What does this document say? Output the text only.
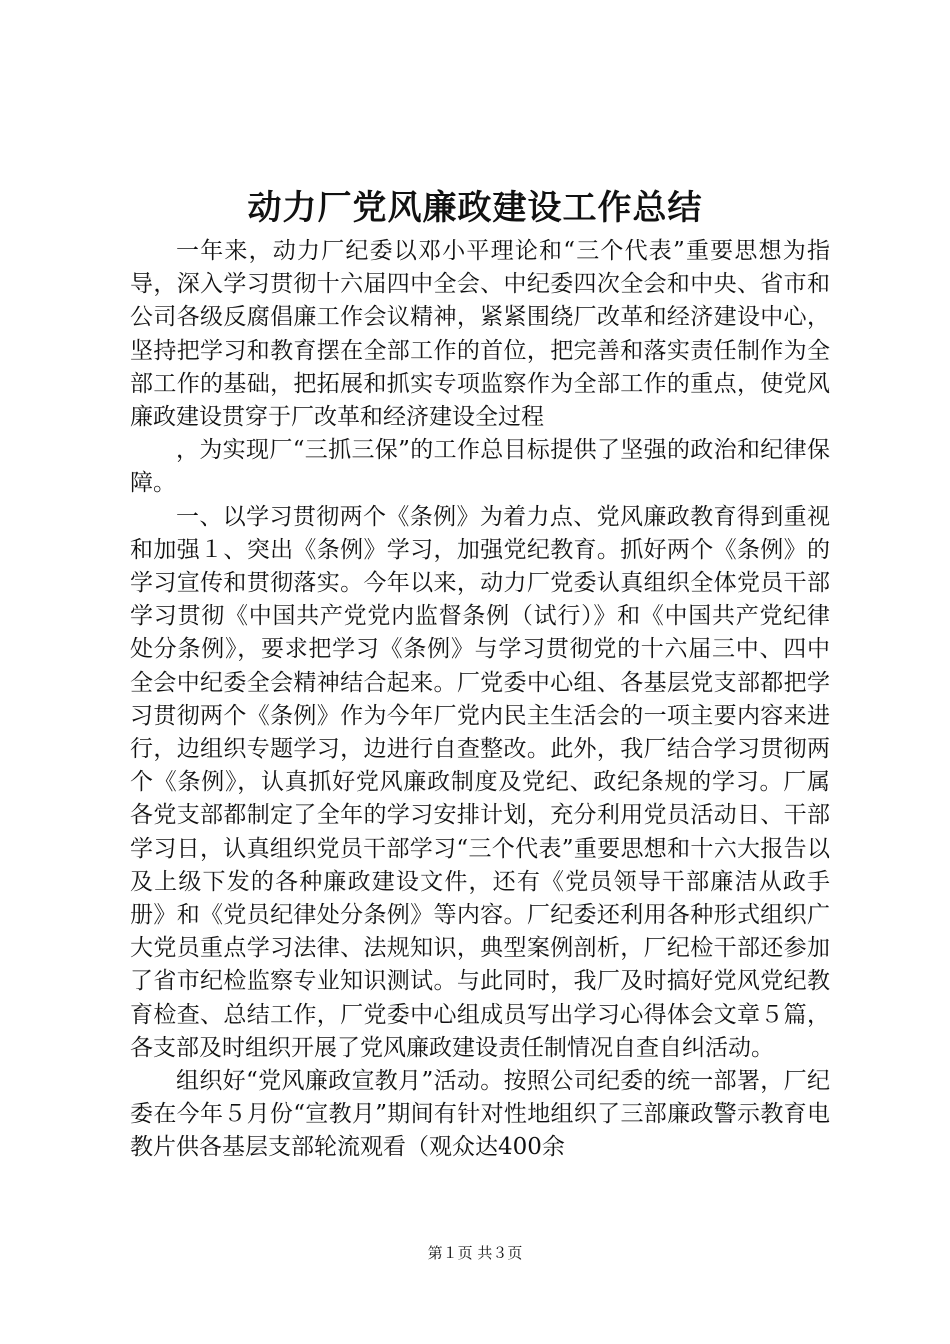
动力厂党风廉政建设工作总结

一年来，动力厂纪委以邓小平理论和“三个代表”重要思想为指导，深入学习贯彻十六届四中全会、中纪委四次全会和中央、省市和公司各级反腐倡廉工作会议精神，紧紧围绕厂改革和经济建设中心，坚持把学习和教育摆在全部工作的首位，把完善和落实责任制作为全部工作的基础，把拓展和抓实专项监察作为全部工作的重点，使党风廉政建设贯穿于厂改革和经济建设全过程

，为实现厂“三抓三保”的工作总目标提供了坚强的政治和纪律保障。

一、以学习贯彻两个《条例》为着力点、党风廉政教育得到重视和加强１、突出《条例》学习，加强党纪教育。抓好两个《条例》的学习宣传和贯彻落实。今年以来，动力厂党委认真组织全体党员干部学习贯彻《中国共产党党内监督条例（试行）》和《中国共产党纪律处分条例》，要求把学习《条例》与学习贯彻党的十六届三中、四中全会中纪委全会精神结合起来。厂党委中心组、各基层党支部都把学习贯彻两个《条例》作为今年厂党内民主生活会的一项主要内容来进行，边组织专题学习，边进行自查整改。此外，我厂结合学习贯彻两个《条例》，认真抓好党风廉政制度及党纪、政纪条规的学习。厂属各党支部都制定了全年的学习安排计划，充分利用党员活动日、干部学习日，认真组织党员干部学习“三个代表”重要思想和十六大报告以及上级下发的各种廉政建设文件，还有《党员领导干部廉洁从政手册》和《党员纪律处分条例》等内容。厂纪委还利用各种形式组织广大党员重点学习法律、法规知识，典型案例剖析，厂纪检干部还参加了省市纪检监察专业知识测试。与此同时，我厂及时搞好党风党纪教育检查、总结工作，厂党委中心组成员写出学习心得体会文章５篇，各支部及时组织开展了党风廉政建设责任制情况自查自纠活动。

组织好“党风廉政宣教月”活动。按照公司纪委的统一部署，厂纪委在今年５月份“宣教月”期间有针对性地组织了三部廉政警示教育电教片供各基层支部轮流观看（观众达400余

第１页 共３页
